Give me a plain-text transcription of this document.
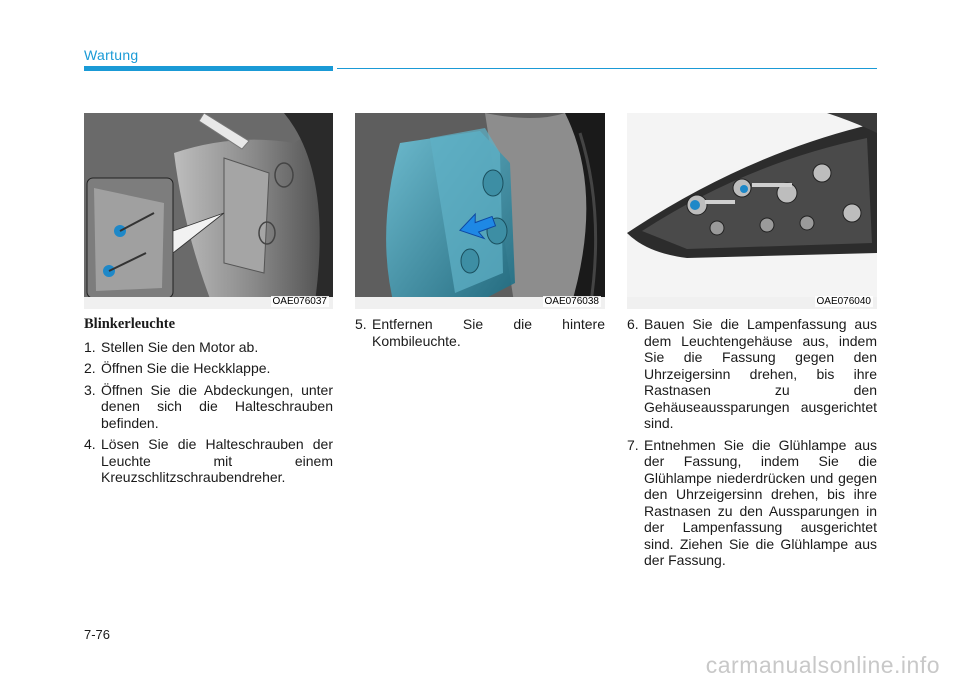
Wartung
OAE076037	OAE076038	OAE076040
Blinkerleuchte
1. Stellen Sie den Motor ab.
2. Öffnen Sie die Heckklappe.
3. Öffnen Sie die Abdeckungen, unter denen sich die Halteschrauben befinden.
4. Lösen Sie die Halteschrauben der Leuchte mit einem Kreuzschlitzschraubendreher.
5. Entfernen Sie die hintere Kombileuchte.
6. Bauen Sie die Lampenfassung aus dem Leuchtengehäuse aus, indem Sie die Fassung gegen den Uhrzeigersinn drehen, bis ihre Rastnasen zu den Gehäuseaussparungen ausgerichtet sind.
7. Entnehmen Sie die Glühlampe aus der Fassung, indem Sie die Glühlampe niederdrücken und gegen den Uhrzeigersinn drehen, bis ihre Rastnasen zu den Aussparungen in der Lampenfassung ausgerichtet sind. Ziehen Sie die Glühlampe aus der Fassung.
7-76
carmanualsonline.info
